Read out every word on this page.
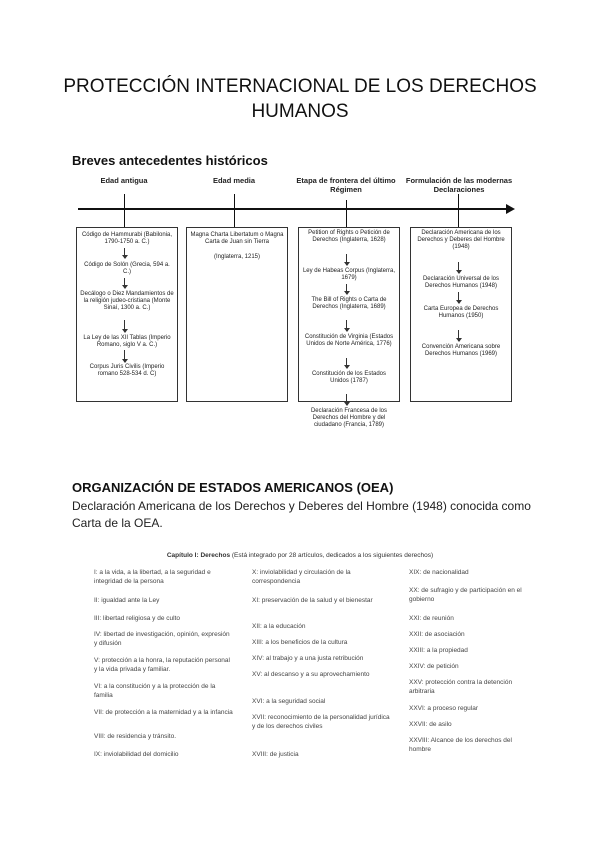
PROTECCIÓN INTERNACIONAL DE LOS DERECHOS
HUMANOS
Breves antecedentes históricos
Edad antigua	Edad media	Etapa de frontera del último Régimen
Formulación de las modernas Declaraciones
Código de Hammurabi (Babilonia, 1790-1750 a. C.)
Código de Solón (Grecia, 594 a. C.)
Decálogo o Diez Mandamientos de la religión judeo-cristiana (Monte Sinaí, 1300 a. C.)
La Ley de las XII Tablas (Imperio Romano, siglo V a. C.)
Corpus Juris Civilis (Imperio romano 528-534 d. C)
Magna Charta Libertatum o Magna Carta de Juan sin Tierra
(Inglaterra, 1215)
Petition of Rights o Petición de Derechos (Inglaterra, 1628)
Ley de Habeas Corpus (Inglaterra, 1679)
The Bill of Rights o Carta de Derechos (Inglaterra, 1689)
Constitución de Virginia (Estados Unidos de Norte América, 1776)
Constitución de los Estados Unidos (1787)
Declaración Francesa de los Derechos del Hombre y del ciudadano (Francia, 1789)
Declaración Americana de los Derechos y Deberes del Hombre (1948)
Declaración Universal de los Derechos Humanos (1948)
Carta Europea de Derechos Humanos (1950)
Convención Americana sobre Derechos Humanos (1969)
ORGANIZACIÓN DE ESTADOS AMERICANOS (OEA)
Declaración Americana de los Derechos y Deberes del Hombre (1948) conocida como Carta de la OEA.
Capítulo I: Derechos (Está integrado por 28 artículos, dedicados a los siguientes derechos)
I: a la vida, a la libertad, a la seguridad e integridad de la persona
II: igualdad ante la Ley
III: libertad religiosa y de culto
IV: libertad de investigación, opinión, expresión y difusión
V: protección a la honra, la reputación personal y la vida privada y familiar.
VI: a la constitución y a la protección de la familia
VII: de protección a la maternidad y a la infancia
VIII: de residencia y tránsito.
IX: inviolabilidad del domicilio
X: inviolabilidad y circulación de la correspondencia
XI: preservación de la salud y el bienestar
XII: a la educación
XIII: a los beneficios de la cultura
XIV: al trabajo y a una justa retribución
XV: al descanso y a su aprovechamiento
XVI: a la seguridad social
XVII: reconocimiento de la personalidad jurídica y de los derechos civiles
XVIII: de justicia
XIX: de nacionalidad
XX: de sufragio y de participación en el gobierno
XXI: de reunión
XXII: de asociación
XXIII: a la propiedad
XXIV: de petición
XXV: protección contra la detención arbitraria
XXVI: a proceso regular
XXVII: de asilo
XXVIII: Alcance de los derechos del hombre
